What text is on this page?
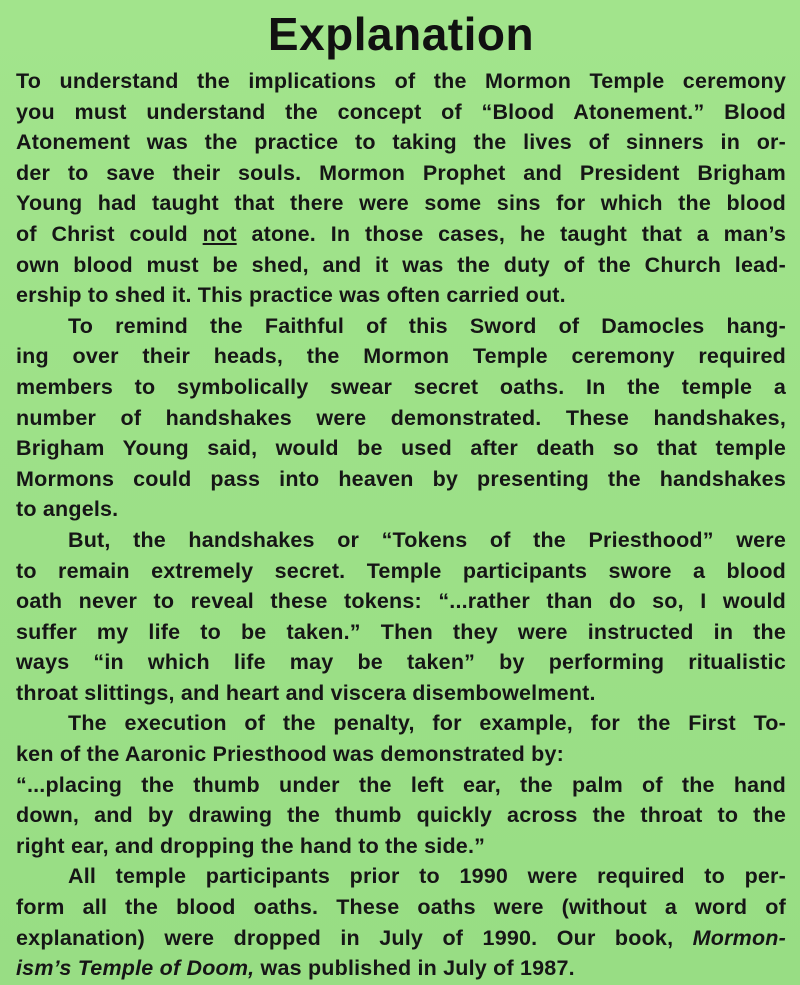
Explanation
To understand the implications of the Mormon Temple ceremony
you must understand the concept of “Blood Atonement.” Blood
Atonement was the practice to taking the lives of sinners in or-
der to save their souls. Mormon Prophet and President Brigham
Young had taught that there were some sins for which the blood
of Christ could not atone. In those cases, he taught that a man’s
own blood must be shed, and it was the duty of the Church lead-
ership to shed it. This practice was often carried out.
To remind the Faithful of this Sword of Damocles hang-
ing over their heads, the Mormon Temple ceremony required
members to symbolically swear secret oaths. In the temple a
number of handshakes were demonstrated. These handshakes,
Brigham Young said, would be used after death so that temple
Mormons could pass into heaven by presenting the handshakes
to angels.
But, the handshakes or “Tokens of the Priesthood” were
to remain extremely secret. Temple participants swore a blood
oath never to reveal these tokens: “...rather than do so, I would
suffer my life to be taken.” Then they were instructed in the
ways “in which life may be taken” by performing ritualistic
throat slittings, and heart and viscera disembowelment.
The execution of the penalty, for example, for the First To-
ken of the Aaronic Priesthood was demonstrated by:
“...placing the thumb under the left ear, the palm of the hand
down, and by drawing the thumb quickly across the throat to the
right ear, and dropping the hand to the side.”
All temple participants prior to 1990 were required to per-
form all the blood oaths. These oaths were (without a word of
explanation) were dropped in July of 1990. Our book, Mormon-
ism’s Temple of Doom, was published in July of 1987.
